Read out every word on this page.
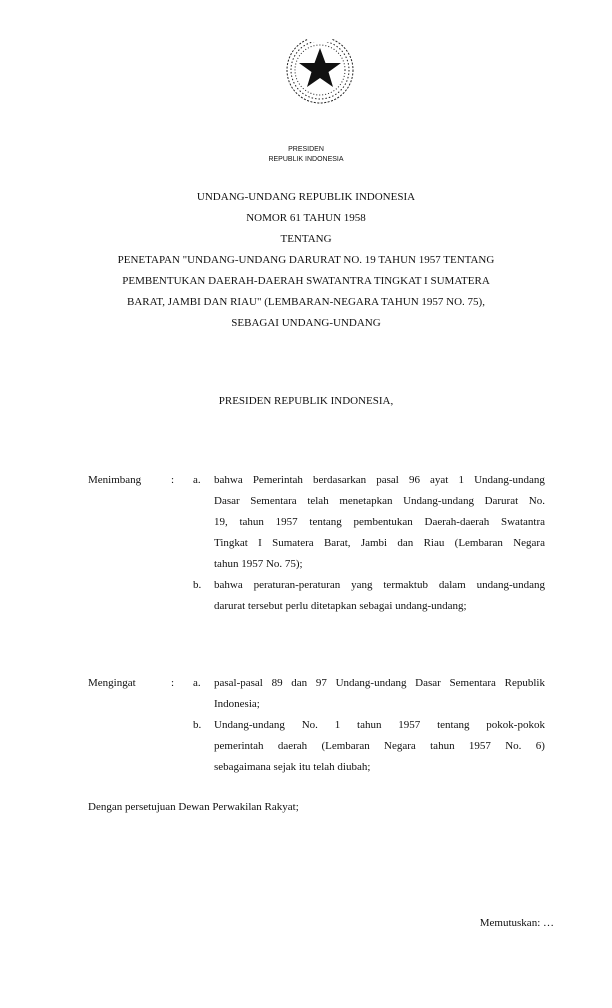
PRESIDEN
REPUBLIK INDONESIA
UNDANG-UNDANG REPUBLIK INDONESIA
NOMOR 61 TAHUN 1958
TENTANG
PENETAPAN "UNDANG-UNDANG DARURAT NO. 19 TAHUN 1957 TENTANG
PEMBENTUKAN DAERAH-DAERAH SWATANTRA TINGKAT I SUMATERA
BARAT, JAMBI DAN RIAU" (LEMBARAN-NEGARA TAHUN 1957 NO. 75),
SEBAGAI UNDANG-UNDANG
PRESIDEN REPUBLIK INDONESIA,
Menimbang	: a. bahwa Pemerintah berdasarkan pasal 96 ayat 1 Undang-undang
Dasar Sementara telah menetapkan Undang-undang Darurat No.
19, tahun 1957 tentang pembentukan Daerah-daerah Swatantra
Tingkat I Sumatera Barat, Jambi dan Riau (Lembaran Negara
tahun 1957 No. 75);
b. bahwa peraturan-peraturan yang termaktub dalam undang-undang
darurat tersebut perlu ditetapkan sebagai undang-undang;
Mengingat	: a. pasal-pasal 89 dan 97 Undang-undang Dasar Sementara Republik
Indonesia;
b. Undang-undang No. 1 tahun 1957 tentang pokok-pokok
pemerintah daerah (Lembaran Negara tahun 1957 No. 6)
sebagaimana sejak itu telah diubah;
Dengan persetujuan Dewan Perwakilan Rakyat;
Memutuskan: …
